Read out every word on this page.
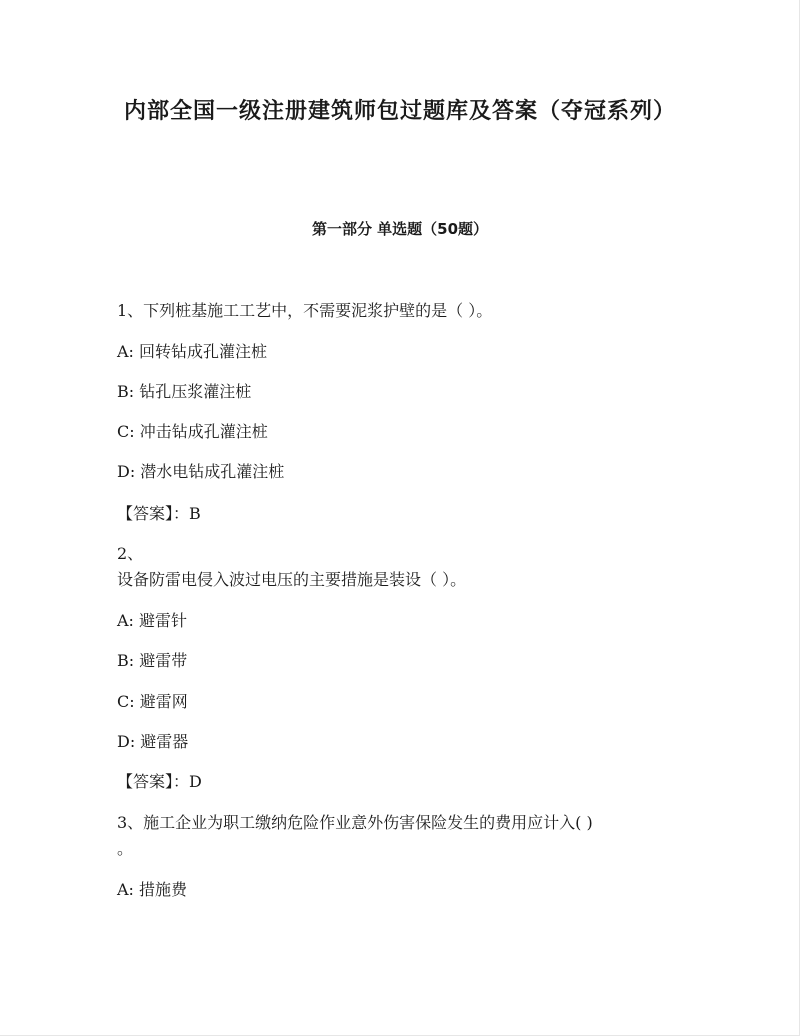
内部全国一级注册建筑师包过题库及答案（夺冠系列）
第一部分 单选题（50题）
1、下列桩基施工工艺中，不需要泥浆护壁的是（ ）。
A: 回转钻成孔灌注桩
B: 钻孔压浆灌注桩
C: 冲击钻成孔灌注桩
D: 潜水电钻成孔灌注桩
【答案】：B
2、
设备防雷电侵入波过电压的主要措施是装设（ ）。
A: 避雷针
B: 避雷带
C: 避雷网
D: 避雷器
【答案】：D
3、施工企业为职工缴纳危险作业意外伤害保险发生的费用应计入( )
。
A: 措施费
